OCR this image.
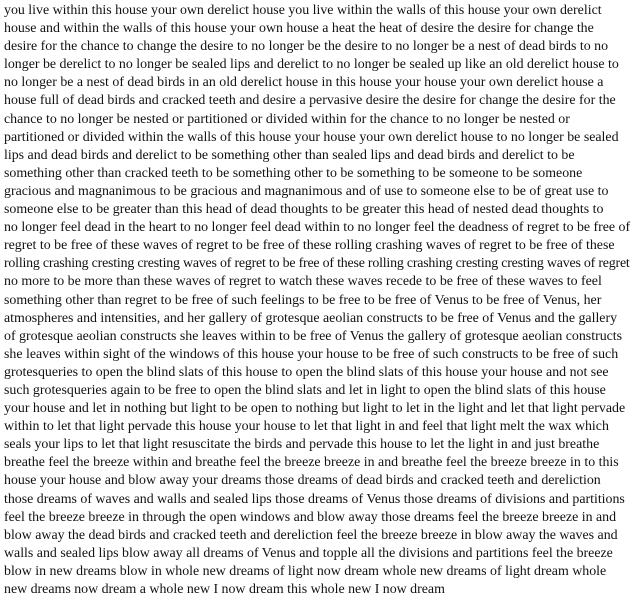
you live within this house your own derelict house you live within the walls of this house your own derelict
house and within the walls of this house your own house a heat the heat of desire the desire for change the
desire for the chance to change the desire to no longer be the desire to no longer be a nest of dead birds to no
longer be derelict to no longer be sealed lips and derelict to no longer be sealed up like an old derelict house to
no longer be a nest of dead birds in an old derelict house in this house your house your own derelict house a
house full of dead birds and cracked teeth and desire a pervasive desire the desire for change the desire for the
chance to no longer be nested or partitioned or divided within for the chance to no longer be nested or
partitioned or divided within the walls of this house your house your own derelict house to no longer be sealed
lips and dead birds and derelict to be something other than sealed lips and dead birds and derelict to be
something other than cracked teeth to be something other to be something to be someone to be someone
gracious and magnanimous to be gracious and magnanimous and of use to someone else to be of great use to
someone else to be greater than this head of dead thoughts to be greater this head of nested dead thoughts to
no longer feel dead in the heart to no longer feel dead within to no longer feel the deadness of regret to be free of
regret to be free of these waves of regret to be free of these rolling crashing waves of regret to be free of these
rolling crashing cresting cresting waves of regret to be free of these rolling crashing cresting cresting waves of regret
no more to be more than these waves of regret to watch these waves recede to be free of these waves to feel
something other than regret to be free of such feelings to be free to be free of Venus to be free of Venus, her
atmospheres and intensities, and her gallery of grotesque aeolian constructs to be free of Venus and the gallery
of grotesque aeolian constructs she leaves within to be free of Venus the gallery of grotesque aeolian constructs
she leaves within sight of the windows of this house your house to be free of such constructs to be free of such
grotesqueries to open the blind slats of this house to open the blind slats of this house your house and not see
such grotesqueries again to be free to open the blind slats and let in light to open the blind slats of this house
your house and let in nothing but light to be open to nothing but light to let in the light and let that light pervade
within to let that light pervade this house your house to let that light in and feel that light melt the wax which
seals your lips to let that light resuscitate the birds and pervade this house to let the light in and just breathe
breathe feel the breeze within and breathe feel the breeze breeze in and breathe feel the breeze breeze in to this
house your house and blow away your dreams those dreams of dead birds and cracked teeth and dereliction
those dreams of waves and walls and sealed lips those dreams of Venus those dreams of divisions and partitions
feel the breeze breeze in through the open windows and blow away those dreams feel the breeze breeze in and
blow away the dead birds and cracked teeth and dereliction feel the breeze breeze in blow away the waves and
walls and sealed lips blow away all dreams of Venus and topple all the divisions and partitions feel the breeze
blow in new dreams blow in whole new dreams of light now dream whole new dreams of light dream whole
new dreams now dream a whole new I now dream this whole new I now dream
